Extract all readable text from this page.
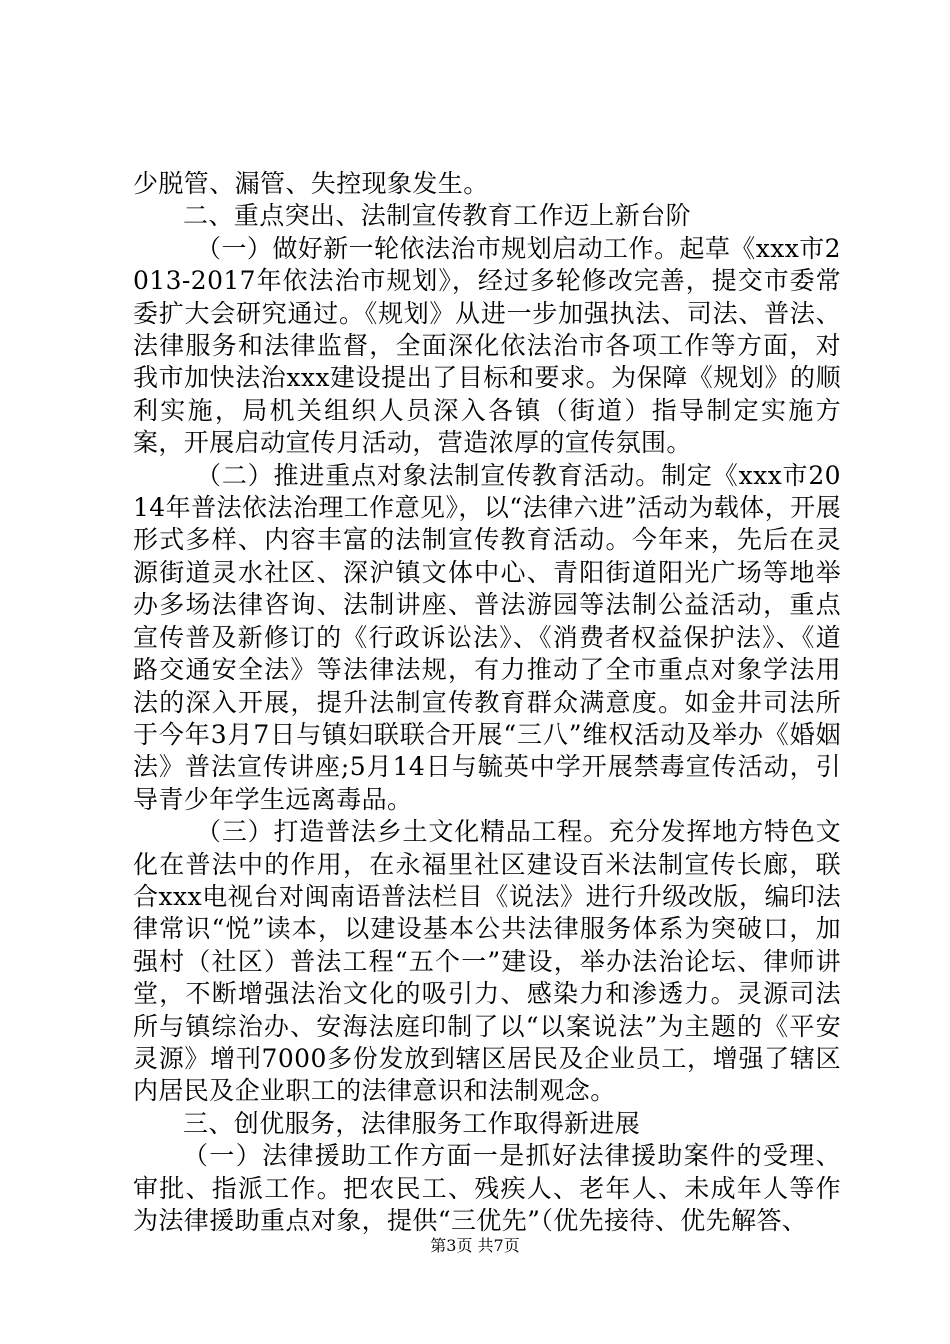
少脱管、漏管、失控现象发生。

二、重点突出、法制宣传教育工作迈上新台阶

（一）做好新一轮依法治市规划启动工作。起草《xxx市2013-2017年依法治市规划》，经过多轮修改完善，提交市委常委扩大会研究通过。《规划》从进一步加强执法、司法、普法、法律服务和法律监督，全面深化依法治市各项工作等方面，对我市加快法治xxx建设提出了目标和要求。为保障《规划》的顺利实施，局机关组织人员深入各镇（街道）指导制定实施方案，开展启动宣传月活动，营造浓厚的宣传氛围。

（二）推进重点对象法制宣传教育活动。制定《xxx市2014年普法依法治理工作意见》，以“法律六进”活动为载体，开展形式多样、内容丰富的法制宣传教育活动。今年来，先后在灵源街道灵水社区、深沪镇文体中心、青阳街道阳光广场等地举办多场法律咨询、法制讲座、普法游园等法制公益活动，重点宣传普及新修订的《行政诉讼法》、《消费者权益保护法》、《道路交通安全法》等法律法规，有力推动了全市重点对象学法用法的深入开展，提升法制宣传教育群众满意度。如金井司法所于今年3月7日与镇妇联联合开展“三八”维权活动及举办《婚姻法》普法宣传讲座;5月14日与毓英中学开展禁毒宣传活动，引导青少年学生远离毒品。

（三）打造普法乡土文化精品工程。充分发挥地方特色文化在普法中的作用，在永福里社区建设百米法制宣传长廊，联合xxx电视台对闽南语普法栏目《说法》进行升级改版，编印法律常识“悦”读本，以建设基本公共法律服务体系为突破口，加强村（社区）普法工程“五个一”建设，举办法治论坛、律师讲堂，不断增强法治文化的吸引力、感染力和渗透力。灵源司法所与镇综治办、安海法庭印制了以“以案说法”为主题的《平安灵源》增刊7000多份发放到辖区居民及企业员工，增强了辖区内居民及企业职工的法律意识和法制观念。

三、创优服务，法律服务工作取得新进展

（一）法律援助工作方面一是抓好法律援助案件的受理、审批、指派工作。把农民工、残疾人、老年人、未成年人等作为法律援助重点对象，提供“三优先”（优先接待、优先解答、

第3页 共7页
